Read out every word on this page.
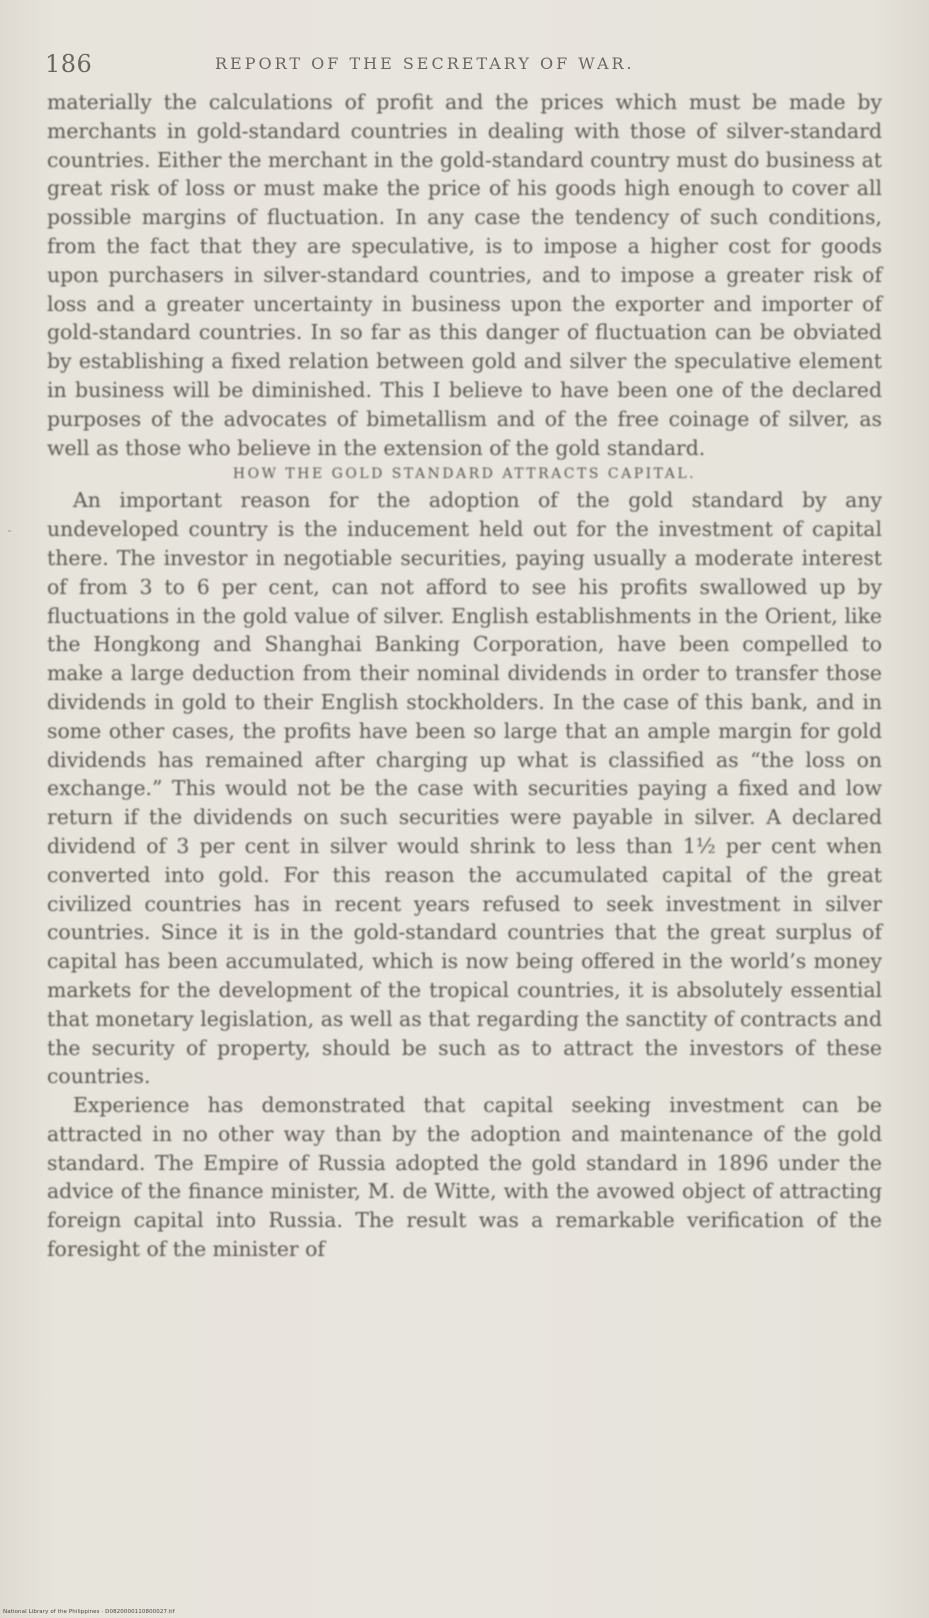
186	REPORT OF THE SECRETARY OF WAR.

materially the calculations of profit and the prices which must be made by merchants in gold-standard countries in dealing with those of silver-standard countries. Either the merchant in the gold-standard country must do business at great risk of loss or must make the price of his goods high enough to cover all possible margins of fluctuation. In any case the tendency of such conditions, from the fact that they are speculative, is to impose a higher cost for goods upon purchasers in silver-standard countries, and to impose a greater risk of loss and a greater uncertainty in business upon the exporter and importer of gold-standard countries. In so far as this danger of fluctuation can be obviated by establishing a fixed relation between gold and silver the speculative element in business will be diminished. This I believe to have been one of the declared purposes of the advocates of bimetallism and of the free coinage of silver, as well as those who believe in the extension of the gold standard.

HOW THE GOLD STANDARD ATTRACTS CAPITAL.

An important reason for the adoption of the gold standard by any undeveloped country is the inducement held out for the investment of capital there. The investor in negotiable securities, paying usually a moderate interest of from 3 to 6 per cent, can not afford to see his profits swallowed up by fluctuations in the gold value of silver. English establishments in the Orient, like the Hongkong and Shanghai Banking Corporation, have been compelled to make a large deduction from their nominal dividends in order to transfer those dividends in gold to their English stockholders. In the case of this bank, and in some other cases, the profits have been so large that an ample margin for gold dividends has remained after charging up what is classified as “the loss on exchange.” This would not be the case with securities paying a fixed and low return if the dividends on such securities were payable in silver. A declared dividend of 3 per cent in silver would shrink to less than 1½ per cent when converted into gold. For this reason the accumulated capital of the great civilized countries has in recent years refused to seek investment in silver countries. Since it is in the gold-standard countries that the great surplus of capital has been accumulated, which is now being offered in the world’s money markets for the development of the tropical countries, it is absolutely essential that monetary legislation, as well as that regarding the sanctity of contracts and the security of property, should be such as to attract the investors of these countries.

Experience has demonstrated that capital seeking investment can be attracted in no other way than by the adoption and maintenance of the gold standard. The Empire of Russia adopted the gold standard in 1896 under the advice of the finance minister, M. de Witte, with the avowed object of attracting foreign capital into Russia. The result was a remarkable verification of the foresight of the minister of

National Library of the Philippines · D0820000110800027.tif
